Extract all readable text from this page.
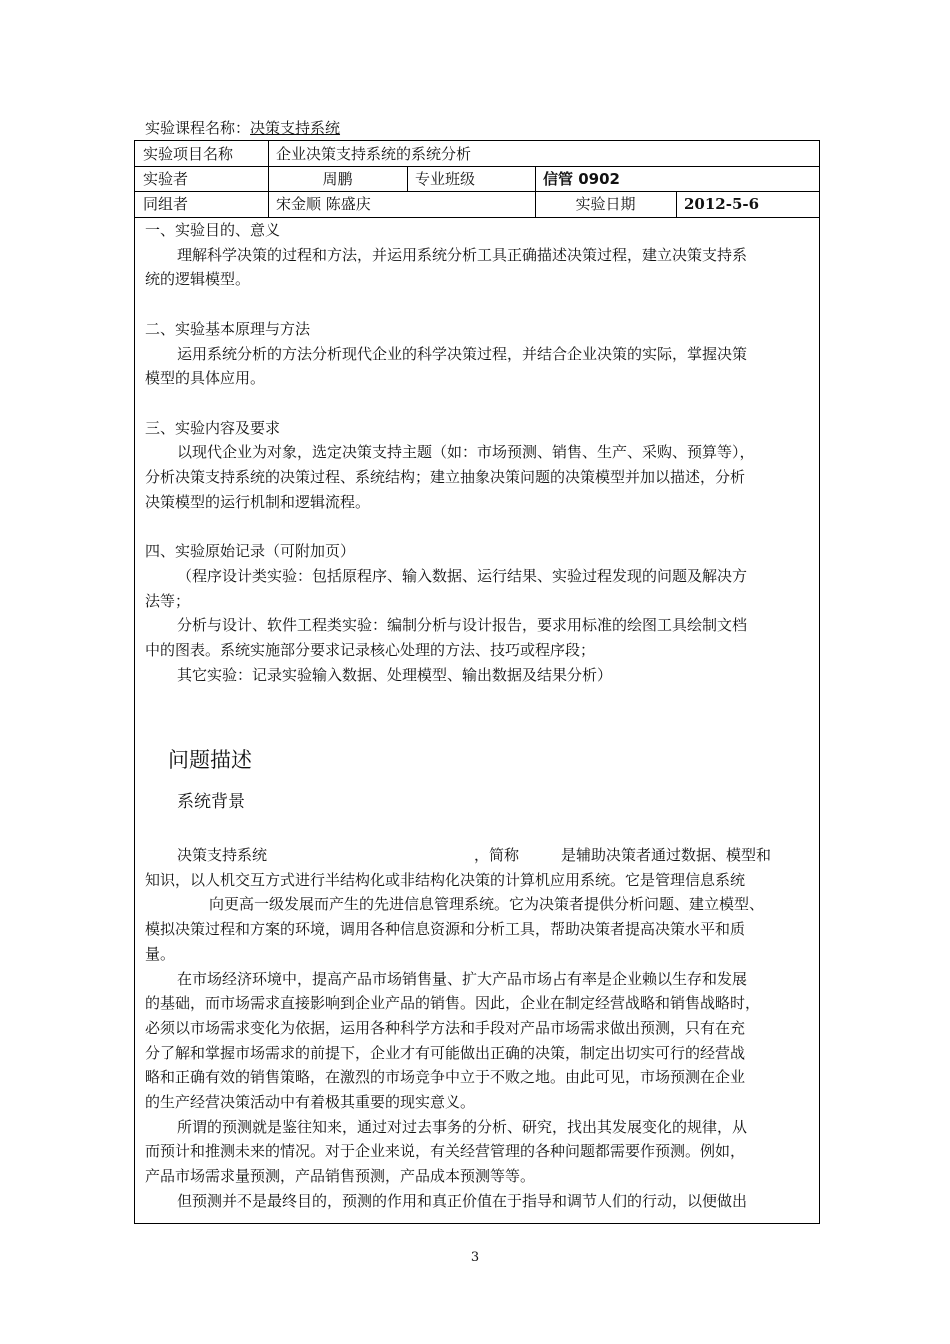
实验课程名称：决策支持系统
实验项目名称	企业决策支持系统的系统分析
实验者	周鹏	专业班级	信管 0902
同组者	宋金顺 陈盛庆	实验日期	2012-5-6

一、实验目的、意义

理解科学决策的过程和方法，并运用系统分析工具正确描述决策过程，建立决策支持系

统的逻辑模型。

二、实验基本原理与方法

运用系统分析的方法分析现代企业的科学决策过程，并结合企业决策的实际，掌握决策

模型的具体应用。

三、实验内容及要求

以现代企业为对象，选定决策支持主题（如：市场预测、销售、生产、采购、预算等），

分析决策支持系统的决策过程、系统结构；建立抽象决策问题的决策模型并加以描述，分析

决策模型的运行机制和逻辑流程。

四、实验原始记录（可附加页）

（程序设计类实验：包括原程序、输入数据、运行结果、实验过程发现的问题及解决方

法等；

分析与设计、软件工程类实验：编制分析与设计报告，要求用标准的绘图工具绘制文档

中的图表。系统实施部分要求记录核心处理的方法、技巧或程序段；

其它实验：记录实验输入数据、处理模型、输出数据及结果分析）

问题描述
系统背景

决策支持系统	，简称	是辅助决策者通过数据、模型和

知识，以人机交互方式进行半结构化或非结构化决策的计算机应用系统。它是管理信息系统

向更高一级发展而产生的先进信息管理系统。它为决策者提供分析问题、建立模型、

模拟决策过程和方案的环境，调用各种信息资源和分析工具，帮助决策者提高决策水平和质

量。

在市场经济环境中，提高产品市场销售量、扩大产品市场占有率是企业赖以生存和发展

的基础，而市场需求直接影响到企业产品的销售。因此，企业在制定经营战略和销售战略时，

必须以市场需求变化为依据，运用各种科学方法和手段对产品市场需求做出预测，只有在充

分了解和掌握市场需求的前提下，企业才有可能做出正确的决策，制定出切实可行的经营战

略和正确有效的销售策略，在激烈的市场竞争中立于不败之地。由此可见，市场预测在企业

的生产经营决策活动中有着极其重要的现实意义。

所谓的预测就是鉴往知来，通过对过去事务的分析、研究，找出其发展变化的规律，从

而预计和推测未来的情况。对于企业来说，有关经营管理的各种问题都需要作预测。例如，

产品市场需求量预测，产品销售预测，产品成本预测等等。

但预测并不是最终目的，预测的作用和真正价值在于指导和调节人们的行动，以便做出

3
